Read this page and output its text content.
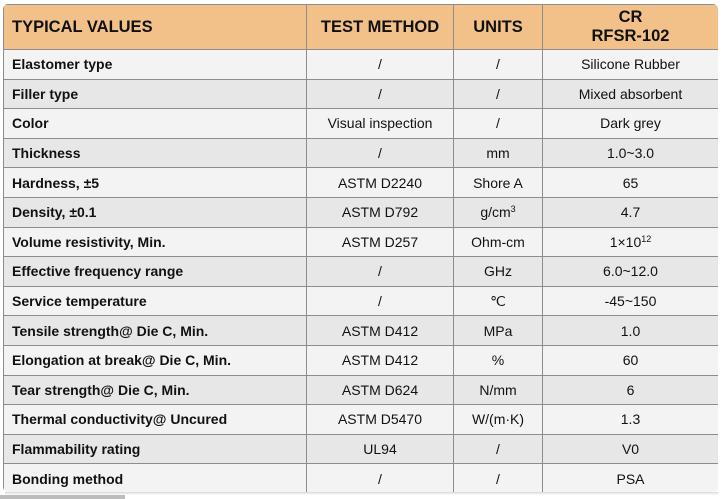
TYPICAL VALUES	TEST METHOD	UNITS	CR
RFSR-102
Elastomer type	/	/	Silicone Rubber
Filler type	/	/	Mixed absorbent
Color	Visual inspection	/	Dark grey
Thickness	/	mm	1.0~3.0
Hardness, ±5	ASTM D2240	Shore A	65
Density, ±0.1	ASTM D792	$g/cm^3$	4.7
Volume resistivity, Min.	ASTM D257	Ohm-cm	$1\times 10^{12}$
Effective frequency range	/	GHz	6.0~12.0
Service temperature	/	℃	-45~150
Tensile strength@ Die C, Min.	ASTM D412	MPa	1.0
Elongation at break@ Die C, Min.	ASTM D412	%	60
Tear strength@ Die C, Min.	ASTM D624	N/mm	6
Thermal conductivity@ Uncured	ASTM D5470	W/(m·K)	1.3
Flammability rating	UL94	/	V0
Bonding method	/	/	PSA
